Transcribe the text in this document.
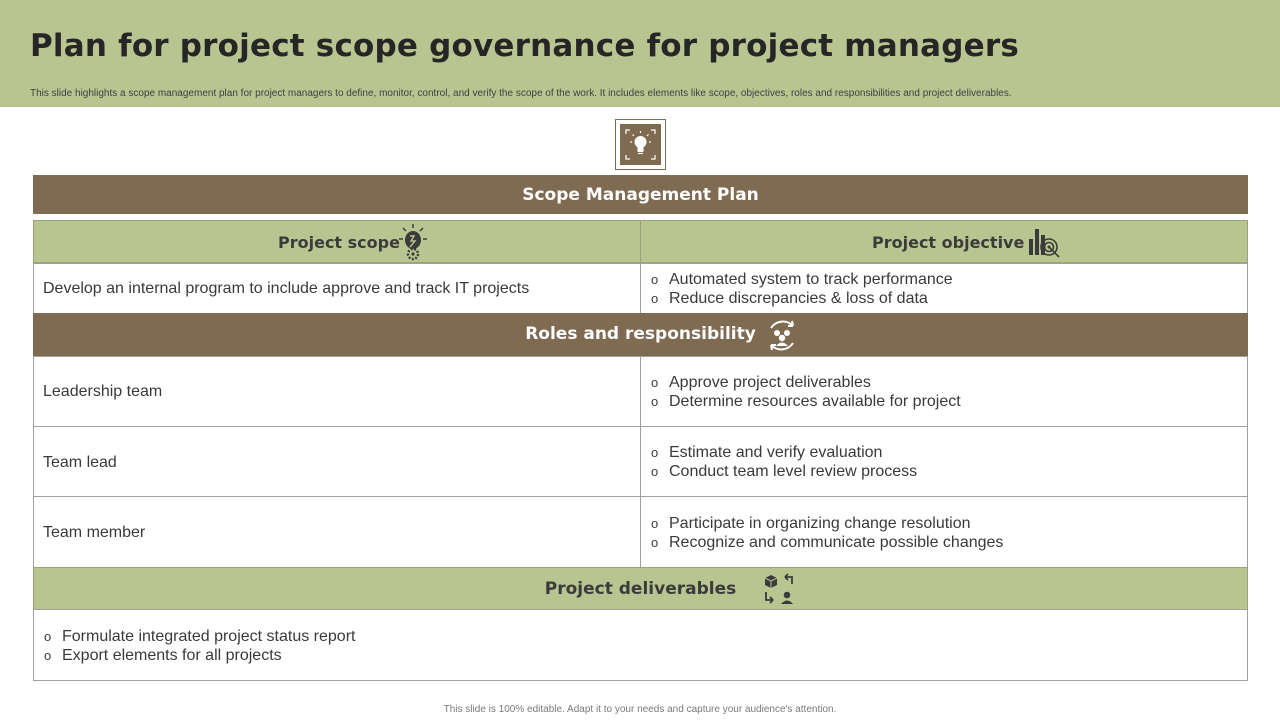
Plan for project scope governance for project managers

This slide highlights a scope management plan for project managers to define, monitor, control, and verify the scope of the work. It includes elements like scope, objectives, roles and responsibilities and project deliverables.

Scope Management Plan
Project scope	Project objective
Develop an internal program to include approve and track IT projects
o Automated system to track performance
o Reduce discrepancies & loss of data
Roles and responsibility
Leadership team
o Approve project deliverables
o Determine resources available for project
Team lead
o Estimate and verify evaluation
o Conduct team level review process
Team member
o Participate in organizing change resolution
o Recognize and communicate possible changes
Project deliverables
o Formulate integrated project status report
o Export elements for all projects
This slide is 100% editable. Adapt it to your needs and capture your audience's attention.
